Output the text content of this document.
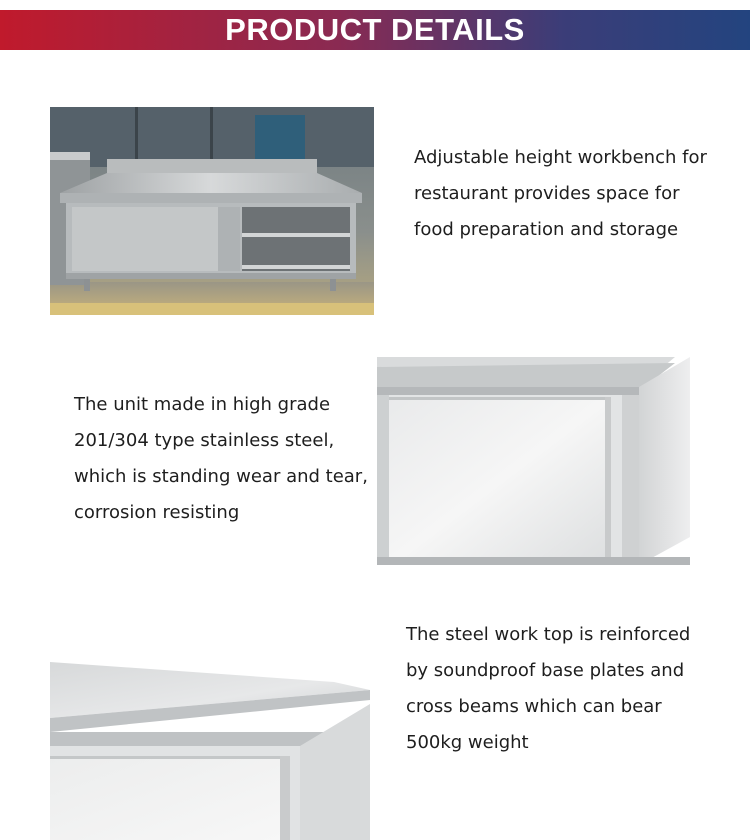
PRODUCT DETAILS
Adjustable height workbench for
restaurant provides space for
food preparation and storage
The unit made in high grade
201/304 type stainless steel,
which is standing wear and tear,
corrosion resisting
The steel work top is reinforced
by soundproof base plates and
cross beams which can bear
500kg weight
